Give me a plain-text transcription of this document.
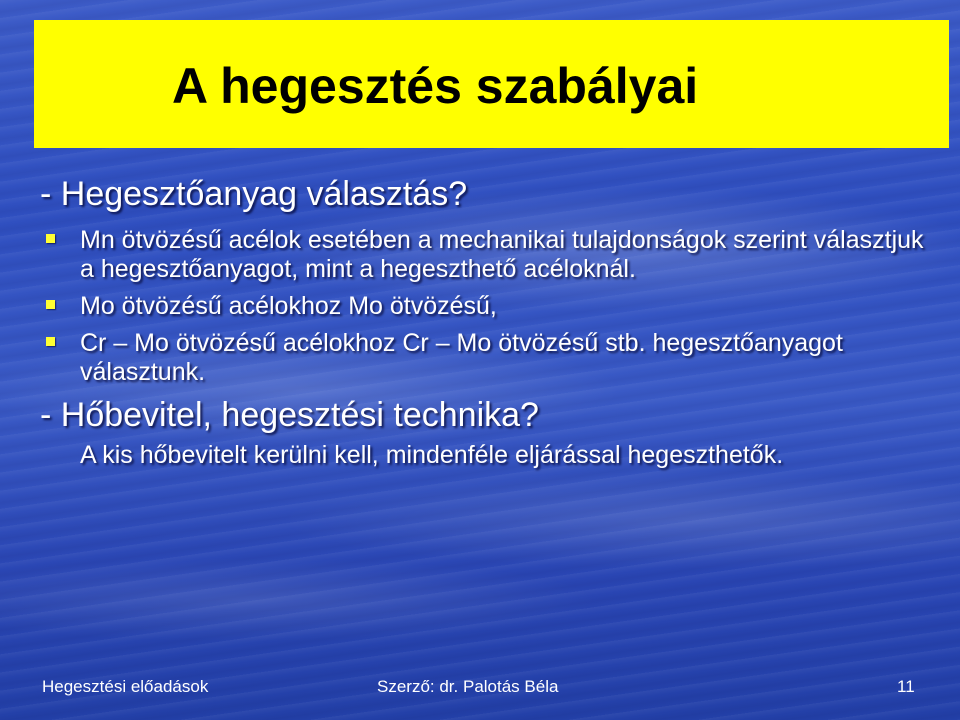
A hegesztés szabályai

- Hegesztőanyag választás?

Mn ötvözésű acélok esetében a mechanikai tulajdonságok szerint választjuk a hegesztőanyagot, mint a hegeszthető acéloknál.
Mo ötvözésű acélokhoz Mo ötvözésű,
Cr – Mo ötvözésű acélokhoz Cr – Mo ötvözésű stb. hegesztőanyagot választunk.

- Hőbevitel, hegesztési technika?

A kis hőbevitelt kerülni kell, mindenféle eljárással hegeszthetők.
Hegesztési előadások	Szerző: dr. Palotás Béla	11
